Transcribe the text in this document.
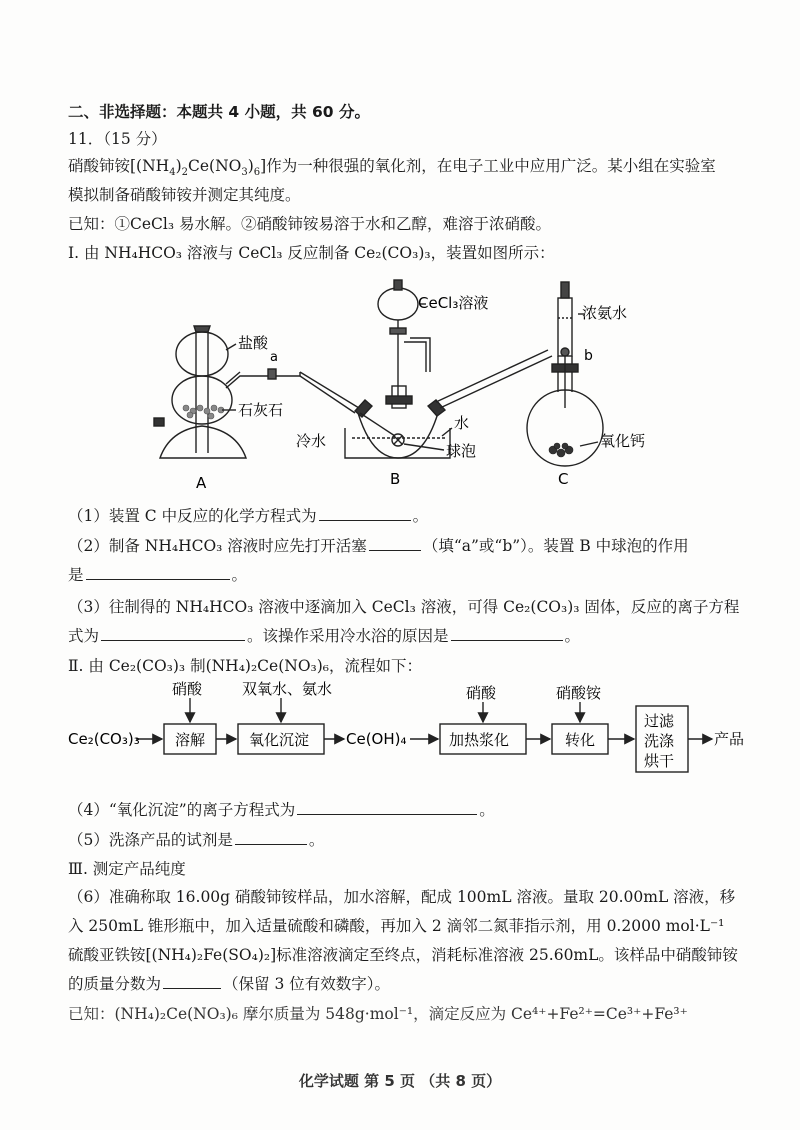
二、非选择题：本题共 4 小题，共 60 分。
11．（15 分）
硝酸铈铵$[(NH_4)_2Ce(NO_3)_6]$作为一种很强的氧化剂，在电子工业中应用广泛。某小组在实验室
模拟制备硝酸铈铵并测定其纯度。
已知：①CeCl₃ 易水解。②硝酸铈铵易溶于水和乙醇，难溶于浓硝酸。
Ⅰ. 由 NH₄HCO₃ 溶液与 CeCl₃ 反应制备 Ce₂(CO₃)₃，装置如图所示：
盐酸
a
石灰石
CeCl₃溶液
浓氨水
b
冷水
水
球泡
氧化钙
A	B	C
（1）装置 C 中反应的化学方程式为	。
（2）制备 NH₄HCO₃ 溶液时应先打开活塞	（填“a”或“b”）。装置 B 中球泡的作用
是	。
（3）往制得的 NH₄HCO₃ 溶液中逐滴加入 CeCl₃ 溶液，可得 Ce₂(CO₃)₃ 固体，反应的离子方程
式为	。该操作采用冷水浴的原因是	。
Ⅱ. 由 Ce₂(CO₃)₃ 制(NH₄)₂Ce(NO₃)₆，流程如下：
Ce₂(CO₃)₃
硝酸
溶解
双氧水、氨水
氧化沉淀 Ce(OH)₄
硝酸
加热浆化
硝酸铵
转化
过滤
洗涤
烘干
产品
（4）“氧化沉淀”的离子方程式为	。
（5）洗涤产品的试剂是	。
Ⅲ. 测定产品纯度
（6）准确称取 16.00g 硝酸铈铵样品，加水溶解，配成 100mL 溶液。量取 20.00mL 溶液，移
入 250mL 锥形瓶中，加入适量硫酸和磷酸，再加入 2 滴邻二氮菲指示剂，用 0.2000 mol·L⁻¹
硫酸亚铁铵[(NH₄)₂Fe(SO₄)₂]标准溶液滴定至终点，消耗标准溶液 25.60mL。该样品中硝酸铈铵
的质量分数为	（保留 3 位有效数字）。
已知：(NH₄)₂Ce(NO₃)₆ 摩尔质量为 548g·mol⁻¹，滴定反应为 Ce⁴⁺+Fe²⁺=Ce³⁺+Fe³⁺
化学试题 第 5 页 （共 8 页）
